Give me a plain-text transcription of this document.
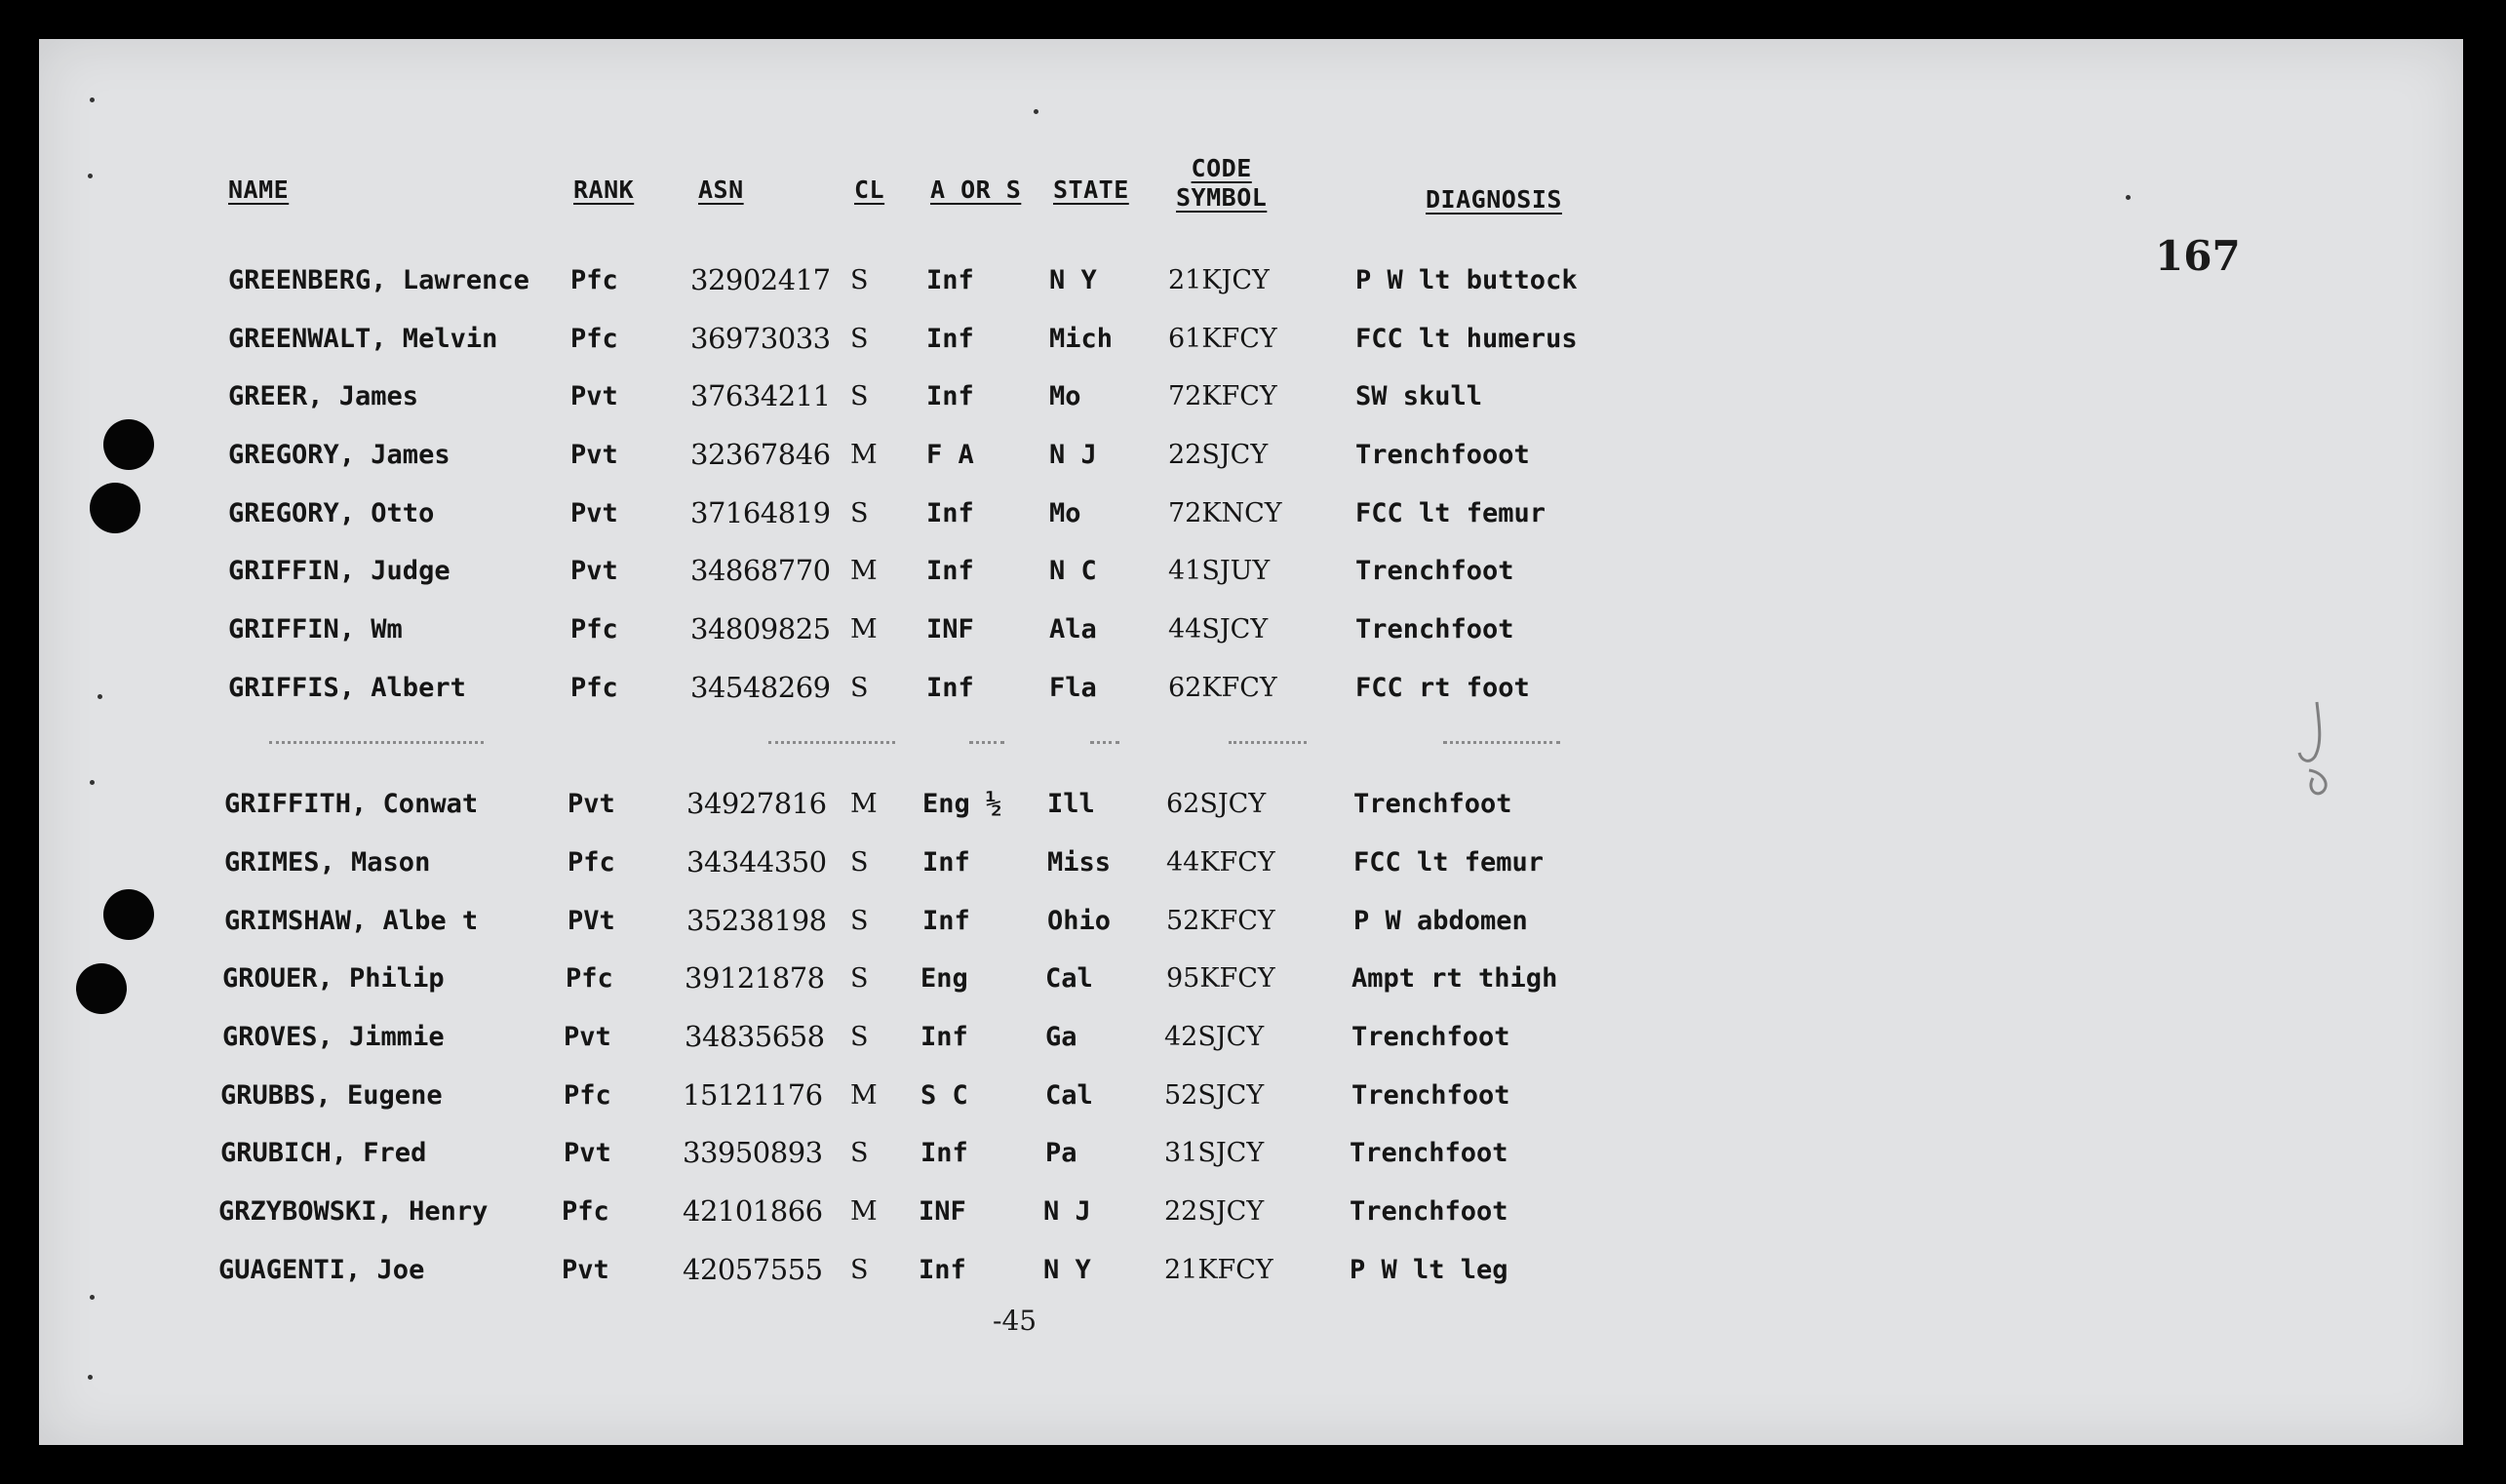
NAME	RANK	ASN	CL A OR S STATE
CODE
SYMBOL	DIAGNOSIS
167
GREENBERG, Lawrence Pfc	32902417 S Inf	N Y	21KJCY	P W lt buttock
GREENWALT, Melvin	Pfc	36973033 S Inf	Mich 61KFCY	FCC lt humerus
GREER, James	Pvt	37634211 S Inf	Mo	72KFCY	SW skull
GREGORY, James	Pvt	32367846 M F A	N J	22SJCY	Trenchfooot
GREGORY, Otto	Pvt	37164819 S Inf	Mo	72KNCY	FCC lt femur
GRIFFIN, Judge	Pvt	34868770 M Inf	N C	41SJUY	Trenchfoot
GRIFFIN, Wm	Pfc	34809825 M INF	Ala	44SJCY	Trenchfoot
GRIFFIS, Albert	Pfc	34548269 S Inf	Fla	62KFCY	FCC rt foot
GRIFFITH, Conwat	Pvt	34927816 M Eng ½ Ill	62SJCY	Trenchfoot
GRIMES, Mason	Pfc	34344350 S Inf	Miss 44KFCY	FCC lt femur
GRIMSHAW, Albe t	PVt	35238198 S Inf	Ohio 52KFCY	P W abdomen
GROUER, Philip	Pfc	39121878 S Eng	Cal	95KFCY	Ampt rt thigh
GROVES, Jimmie	Pvt	34835658 S Inf	Ga	42SJCY	Trenchfoot
GRUBBS, Eugene	Pfc	15121176 M S C	Cal	52SJCY	Trenchfoot
GRUBICH, Fred	Pvt	33950893 S Inf	Pa	31SJCY	Trenchfoot
GRZYBOWSKI, Henry	Pfc	42101866 M INF	N J	22SJCY	Trenchfoot
GUAGENTI, Joe	Pvt	42057555 S Inf	N Y	21KFCY	P W lt leg
-45
